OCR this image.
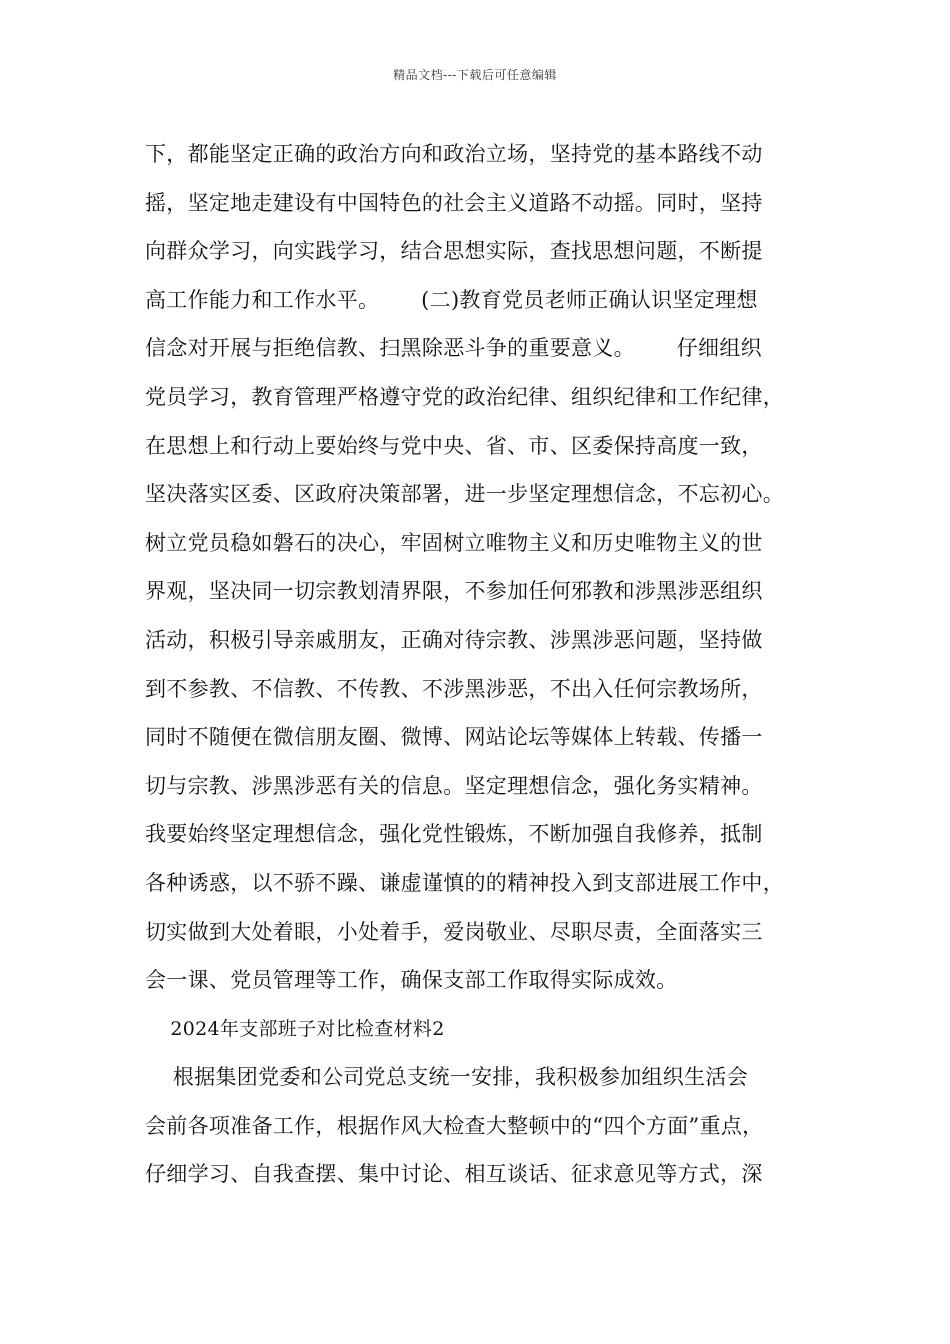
精品文档---下载后可任意编辑
下，都能坚定正确的政治方向和政治立场，坚持党的基本路线不动
摇，坚定地走建设有中国特色的社会主义道路不动摇。同时，坚持
向群众学习，向实践学习，结合思想实际，查找思想问题，不断提
高工作能力和工作水平。      (二)教育党员老师正确认识坚定理想
信念对开展与拒绝信教、扫黑除恶斗争的重要意义。      仔细组织
党员学习，教育管理严格遵守党的政治纪律、组织纪律和工作纪律，
在思想上和行动上要始终与党中央、省、市、区委保持高度一致，
坚决落实区委、区政府决策部署，进一步坚定理想信念，不忘初心。
树立党员稳如磐石的决心，牢固树立唯物主义和历史唯物主义的世
界观，坚决同一切宗教划清界限，不参加任何邪教和涉黑涉恶组织
活动，积极引导亲戚朋友，正确对待宗教、涉黑涉恶问题，坚持做
到不参教、不信教、不传教、不涉黑涉恶，不出入任何宗教场所，
同时不随便在微信朋友圈、微博、网站论坛等媒体上转载、传播一
切与宗教、涉黑涉恶有关的信息。坚定理想信念，强化务实精神。
我要始终坚定理想信念，强化党性锻炼，不断加强自我修养，抵制
各种诱惑，以不骄不躁、谦虚谨慎的的精神投入到支部进展工作中，
切实做到大处着眼，小处着手，爱岗敬业、尽职尽责，全面落实三
会一课、党员管理等工作，确保支部工作取得实际成效。
2024年支部班子对比检查材料2
根据集团党委和公司党总支统一安排，我积极参加组织生活会
会前各项准备工作，根据作风大检查大整顿中的“四个方面”重点，
仔细学习、自我查摆、集中讨论、相互谈话、征求意见等方式，深
